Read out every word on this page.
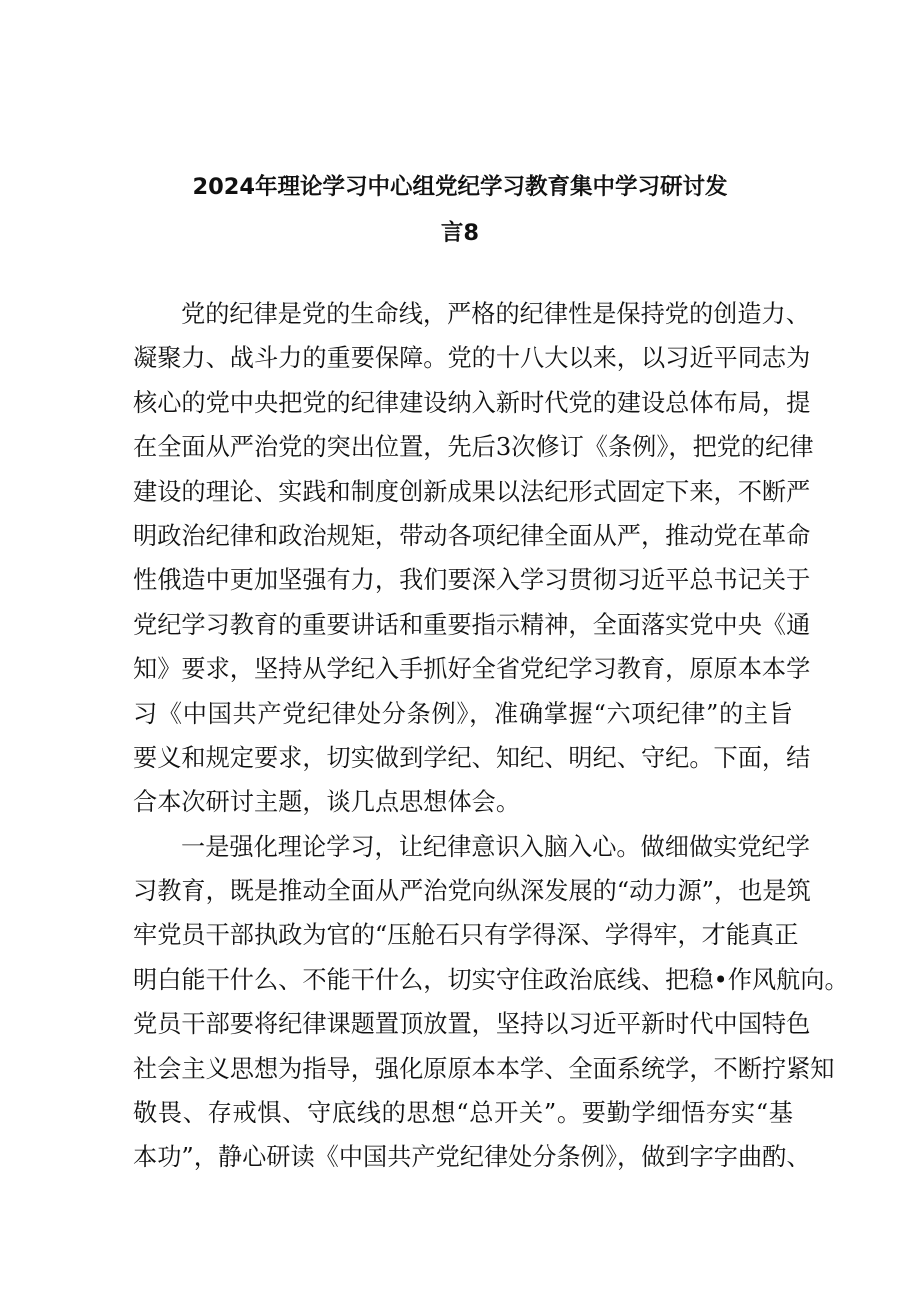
2024年理论学习中心组党纪学习教育集中学习研讨发
言8
党的纪律是党的生命线，严格的纪律性是保持党的创造力、
凝聚力、战斗力的重要保障。党的十八大以来，以习近平同志为
核心的党中央把党的纪律建设纳入新时代党的建设总体布局，提
在全面从严治党的突出位置，先后3次修订《条例》，把党的纪律
建设的理论、实践和制度创新成果以法纪形式固定下来，不断严
明政治纪律和政治规矩，带动各项纪律全面从严，推动党在革命
性俄造中更加坚强有力，我们要深入学习贯彻习近平总书记关于
党纪学习教育的重要讲话和重要指示精神，全面落实党中央《通
知》要求，坚持从学纪入手抓好全省党纪学习教育，原原本本学
习《中国共产党纪律处分条例》，准确掌握“六项纪律”的主旨
要义和规定要求，切实做到学纪、知纪、明纪、守纪。下面，结
合本次研讨主题，谈几点思想体会。
一是强化理论学习，让纪律意识入脑入心。做细做实党纪学
习教育，既是推动全面从严治党向纵深发展的“动力源”，也是筑
牢党员干部执政为官的“压舱石只有学得深、学得牢，才能真正
明白能干什么、不能干什么，切实守住政治底线、把稳•作风航向。
党员干部要将纪律课题置顶放置，坚持以习近平新时代中国特色
社会主义思想为指导，强化原原本本学、全面系统学，不断拧紧知
敬畏、存戒惧、守底线的思想“总开关”。要勤学细悟夯实“基
本功”，静心研读《中国共产党纪律处分条例》，做到字字曲酌、
